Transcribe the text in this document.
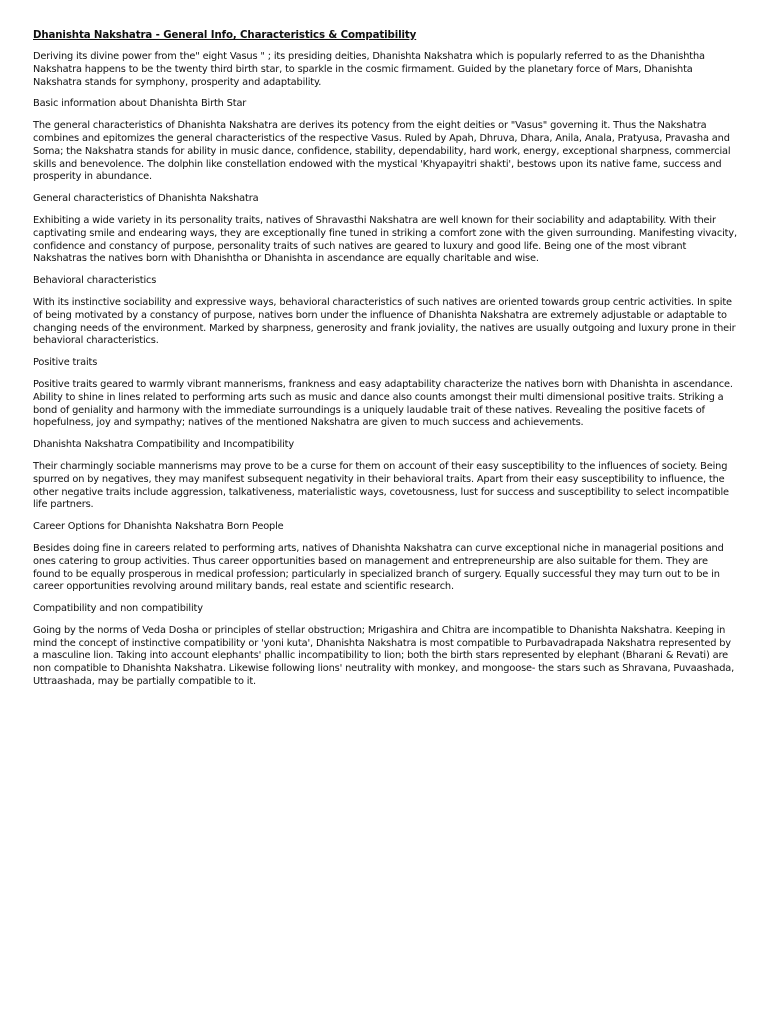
Dhanishta Nakshatra - General Info, Characteristics & Compatibility

Deriving its divine power from the" eight Vasus " ; its presiding deities, Dhanishta Nakshatra which is popularly referred to as the Dhanishtha Nakshatra happens to be the twenty third birth star, to sparkle in the cosmic firmament. Guided by the planetary force of Mars, Dhanishta Nakshatra stands for symphony, prosperity and adaptability.

Basic information about Dhanishta Birth Star

The general characteristics of Dhanishta Nakshatra are derives its potency from the eight deities or "Vasus" governing it. Thus the Nakshatra combines and epitomizes the general characteristics of the respective Vasus. Ruled by Apah, Dhruva, Dhara, Anila, Anala, Pratyusa, Pravasha and Soma; the Nakshatra stands for ability in music dance, confidence, stability, dependability, hard work, energy, exceptional sharpness, commercial skills and benevolence. The dolphin like constellation endowed with the mystical 'Khyapayitri shakti', bestows upon its native fame, success and prosperity in abundance.

General characteristics of Dhanishta Nakshatra

Exhibiting a wide variety in its personality traits, natives of Shravasthi Nakshatra are well known for their sociability and adaptability. With their captivating smile and endearing ways, they are exceptionally fine tuned in striking a comfort zone with the given surrounding. Manifesting vivacity, confidence and constancy of purpose, personality traits of such natives are geared to luxury and good life. Being one of the most vibrant Nakshatras the natives born with Dhanishtha or Dhanishta in ascendance are equally charitable and wise.

Behavioral characteristics

With its instinctive sociability and expressive ways, behavioral characteristics of such natives are oriented towards group centric activities. In spite of being motivated by a constancy of purpose, natives born under the influence of Dhanishta Nakshatra are extremely adjustable or adaptable to changing needs of the environment. Marked by sharpness, generosity and frank joviality, the natives are usually outgoing and luxury prone in their behavioral characteristics.

Positive traits

Positive traits geared to warmly vibrant mannerisms, frankness and easy adaptability characterize the natives born with Dhanishta in ascendance. Ability to shine in lines related to performing arts such as music and dance also counts amongst their multi dimensional positive traits. Striking a bond of geniality and harmony with the immediate surroundings is a uniquely laudable trait of these natives. Revealing the positive facets of hopefulness, joy and sympathy; natives of the mentioned Nakshatra are given to much success and achievements.

Dhanishta Nakshatra Compatibility and Incompatibility

Their charmingly sociable mannerisms may prove to be a curse for them on account of their easy susceptibility to the influences of society. Being spurred on by negatives, they may manifest subsequent negativity in their behavioral traits. Apart from their easy susceptibility to influence, the other negative traits include aggression, talkativeness, materialistic ways, covetousness, lust for success and susceptibility to select incompatible life partners.

Career Options for Dhanishta Nakshatra Born People

Besides doing fine in careers related to performing arts, natives of Dhanishta Nakshatra can curve exceptional niche in managerial positions and ones catering to group activities. Thus career opportunities based on management and entrepreneurship are also suitable for them. They are found to be equally prosperous in medical profession; particularly in specialized branch of surgery. Equally successful they may turn out to be in career opportunities revolving around military bands, real estate and scientific research.

Compatibility and non compatibility

Going by the norms of Veda Dosha or principles of stellar obstruction; Mrigashira and Chitra are incompatible to Dhanishta Nakshatra. Keeping in mind the concept of instinctive compatibility or 'yoni kuta', Dhanishta Nakshatra is most compatible to Purbavadrapada Nakshatra represented by a masculine lion. Taking into account elephants' phallic incompatibility to lion; both the birth stars represented by elephant (Bharani & Revati) are non compatible to Dhanishta Nakshatra. Likewise following lions' neutrality with monkey, and mongoose- the stars such as Shravana, Puvaashada, Uttraashada, may be partially compatible to it.
